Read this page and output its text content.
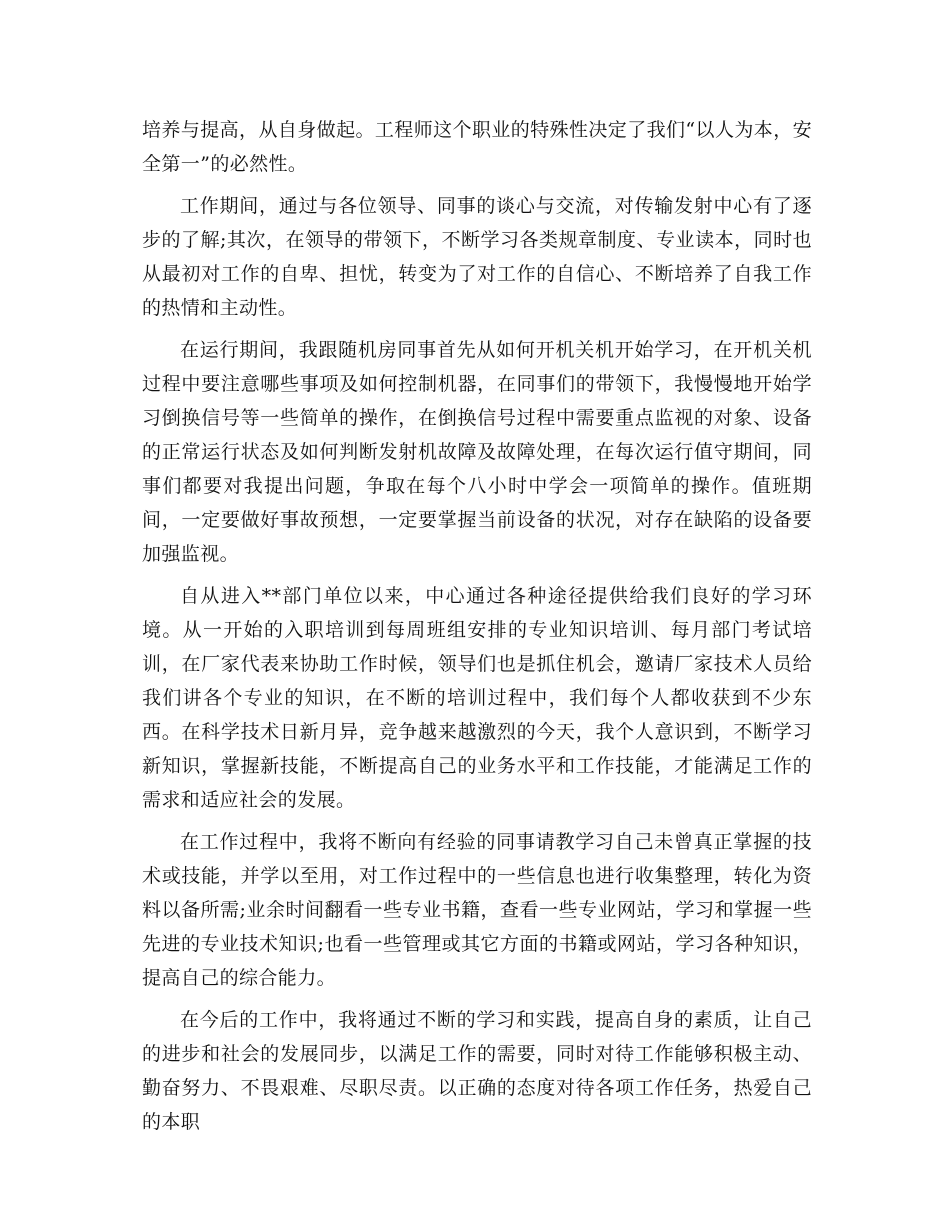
培养与提高，从自身做起。工程师这个职业的特殊性决定了我们“以人为本，安全第一”的必然性。

工作期间，通过与各位领导、同事的谈心与交流，对传输发射中心有了逐步的了解;其次，在领导的带领下，不断学习各类规章制度、专业读本，同时也从最初对工作的自卑、担忧，转变为了对工作的自信心、不断培养了自我工作的热情和主动性。

在运行期间，我跟随机房同事首先从如何开机关机开始学习，在开机关机过程中要注意哪些事项及如何控制机器，在同事们的带领下，我慢慢地开始学习倒换信号等一些简单的操作，在倒换信号过程中需要重点监视的对象、设备的正常运行状态及如何判断发射机故障及故障处理，在每次运行值守期间，同事们都要对我提出问题，争取在每个八小时中学会一项简单的操作。值班期间，一定要做好事故预想，一定要掌握当前设备的状况，对存在缺陷的设备要加强监视。

自从进入**部门单位以来，中心通过各种途径提供给我们良好的学习环境。从一开始的入职培训到每周班组安排的专业知识培训、每月部门考试培训，在厂家代表来协助工作时候，领导们也是抓住机会，邀请厂家技术人员给我们讲各个专业的知识，在不断的培训过程中，我们每个人都收获到不少东西。在科学技术日新月异，竞争越来越激烈的今天，我个人意识到，不断学习新知识，掌握新技能，不断提高自己的业务水平和工作技能，才能满足工作的需求和适应社会的发展。

在工作过程中，我将不断向有经验的同事请教学习自己未曾真正掌握的技术或技能，并学以至用，对工作过程中的一些信息也进行收集整理，转化为资料以备所需;业余时间翻看一些专业书籍，查看一些专业网站，学习和掌握一些先进的专业技术知识;也看一些管理或其它方面的书籍或网站，学习各种知识，提高自己的综合能力。

在今后的工作中，我将通过不断的学习和实践，提高自身的素质，让自己的进步和社会的发展同步，以满足工作的需要，同时对待工作能够积极主动、勤奋努力、不畏艰难、尽职尽责。以正确的态度对待各项工作任务，热爱自己的本职
